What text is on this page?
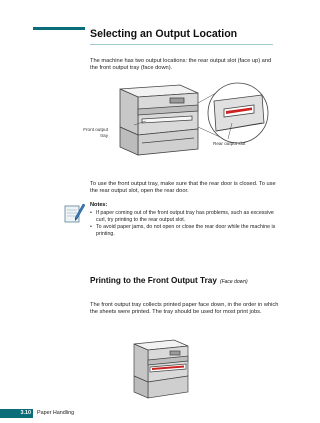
Selecting an Output Location
The machine has two output locations: the rear output slot (face up) and the front output tray (face down).
Front output tray
Rear output slot
To use the front output tray, make sure that the rear door is closed. To use the rear output slot, open the rear door.
Notes:
• If paper coming out of the front output tray has problems, such as excessive curl, try printing to the rear output slot.
• To avoid paper jams, do not open or close the rear door while the machine is printing.
Printing to the Front Output Tray (Face down)
The front output tray collects printed paper face down, in the order in which the sheets were printed. The tray should be used for most print jobs.
3.10	Paper Handling
